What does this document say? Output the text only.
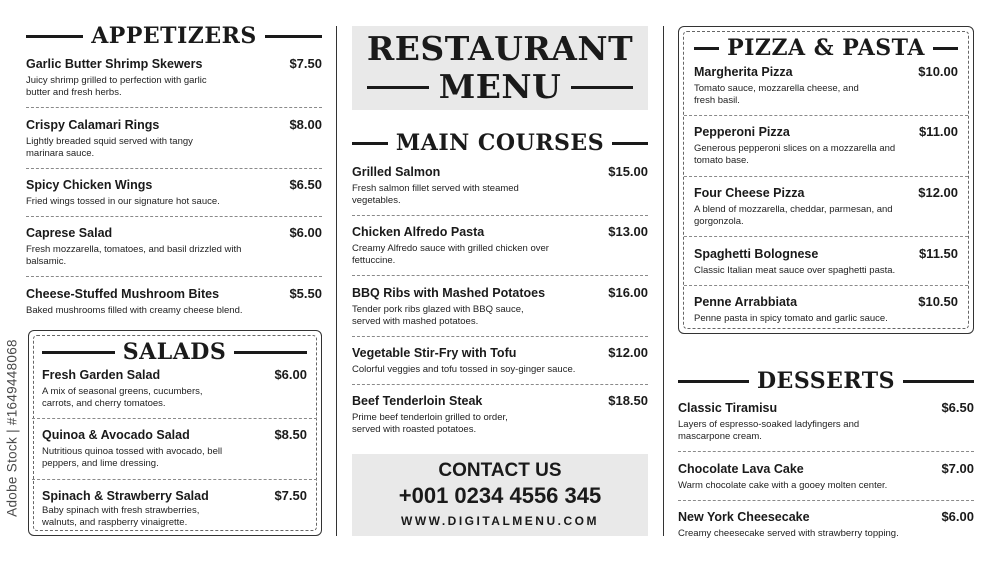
APPETIZERS
Garlic Butter Shrimp Skewers	$7.50
Juicy shrimp grilled to perfection with garlic butter and fresh herbs.
Crispy Calamari Rings	$8.00
Lightly breaded squid served with tangy marinara sauce.
Spicy Chicken Wings	$6.50
Fried wings tossed in our signature hot sauce.
Caprese Salad	$6.00
Fresh mozzarella, tomatoes, and basil drizzled with balsamic.
Cheese-Stuffed Mushroom Bites	$5.50
Baked mushrooms filled with creamy cheese blend.
SALADS
Fresh Garden Salad	$6.00
A mix of seasonal greens, cucumbers, carrots, and cherry tomatoes.
Quinoa & Avocado Salad	$8.50
Nutritious quinoa tossed with avocado, bell peppers, and lime dressing.
Spinach & Strawberry Salad	$7.50
Baby spinach with fresh strawberries, walnuts, and raspberry vinaigrette.
RESTAURANT
MENU
MAIN COURSES
Grilled Salmon	$15.00
Fresh salmon fillet served with steamed vegetables.
Chicken Alfredo Pasta	$13.00
Creamy Alfredo sauce with grilled chicken over fettuccine.
BBQ Ribs with Mashed Potatoes	$16.00
Tender pork ribs glazed with BBQ sauce, served with mashed potatoes.
Vegetable Stir-Fry with Tofu	$12.00
Colorful veggies and tofu tossed in soy-ginger sauce.
Beef Tenderloin Steak	$18.50
Prime beef tenderloin grilled to order, served with roasted potatoes.
CONTACT US
+001 0234 4556 345
WWW.DIGITALMENU.COM
PIZZA & PASTA
Margherita Pizza	$10.00
Tomato sauce, mozzarella cheese, and fresh basil.
Pepperoni Pizza	$11.00
Generous pepperoni slices on a mozzarella and tomato base.
Four Cheese Pizza	$12.00
A blend of mozzarella, cheddar, parmesan, and gorgonzola.
Spaghetti Bolognese	$11.50
Classic Italian meat sauce over spaghetti pasta.
Penne Arrabbiata	$10.50
Penne pasta in spicy tomato and garlic sauce.
DESSERTS
Classic Tiramisu	$6.50
Layers of espresso-soaked ladyfingers and mascarpone cream.
Chocolate Lava Cake	$7.00
Warm chocolate cake with a gooey molten center.
New York Cheesecake	$6.00
Creamy cheesecake served with strawberry topping.
Adobe Stock | #1649448068
